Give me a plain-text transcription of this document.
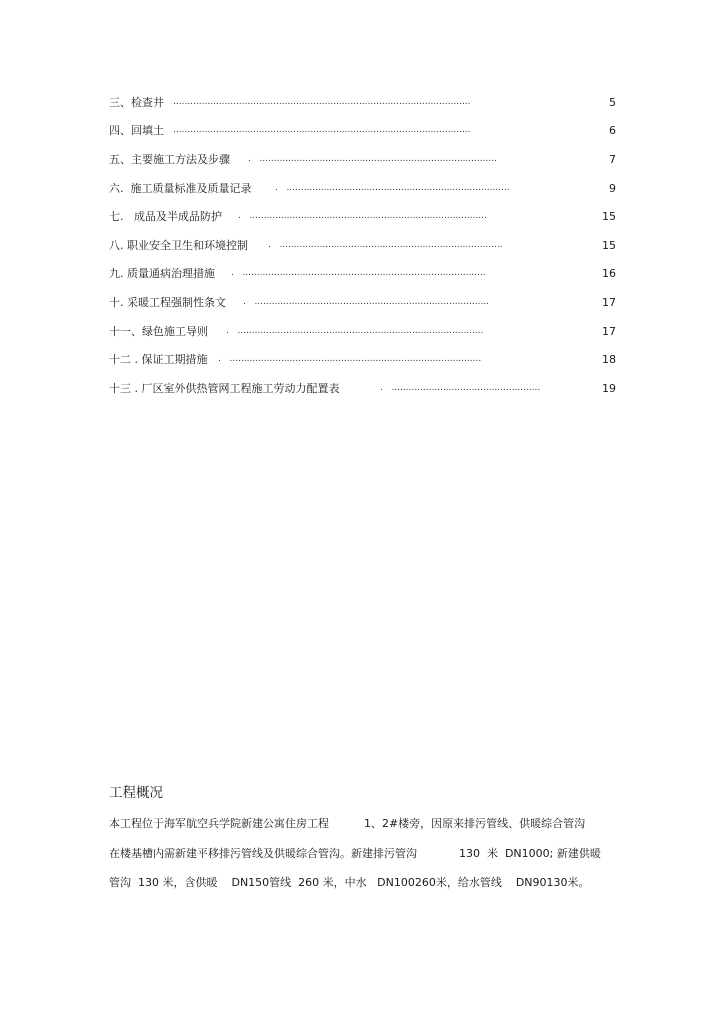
三、检查井 ........................................................................................................	5
四、回填土 ........................................................................................................	6
五、主要施工方法及步骤 .   ...................................................................................	7
六.  施工质量标准及质量记录	.   ..............................................................................	9
七.   成品及半成品防护 .   ...................................................................................	15
八. 职业安全卫生和环境控制 .   ..............................................................................	15
九. 质量通病治理措施 .   .....................................................................................	16
十. 采暖工程强制性条文 .   ..................................................................................	17
十一、绿色施工导则 .   ......................................................................................	17
十二 . 保证工期措施 .   ........................................................................................	18
十三 . 厂区室外供热管网工程施工劳动力配置表	.   ....................................................	19
工程概况
本工程位于海军航空兵学院新建公寓住房工程          1、2#楼旁，因原来排污管线、供暖综合管沟
在楼基槽内需新建平移排污管线及供暖综合管沟。新建排污管沟            130  米  DN1000; 新建供暖
管沟  130 米，含供暖    DN150管线  260 米，中水   DN100260米，给水管线    DN90130米。
